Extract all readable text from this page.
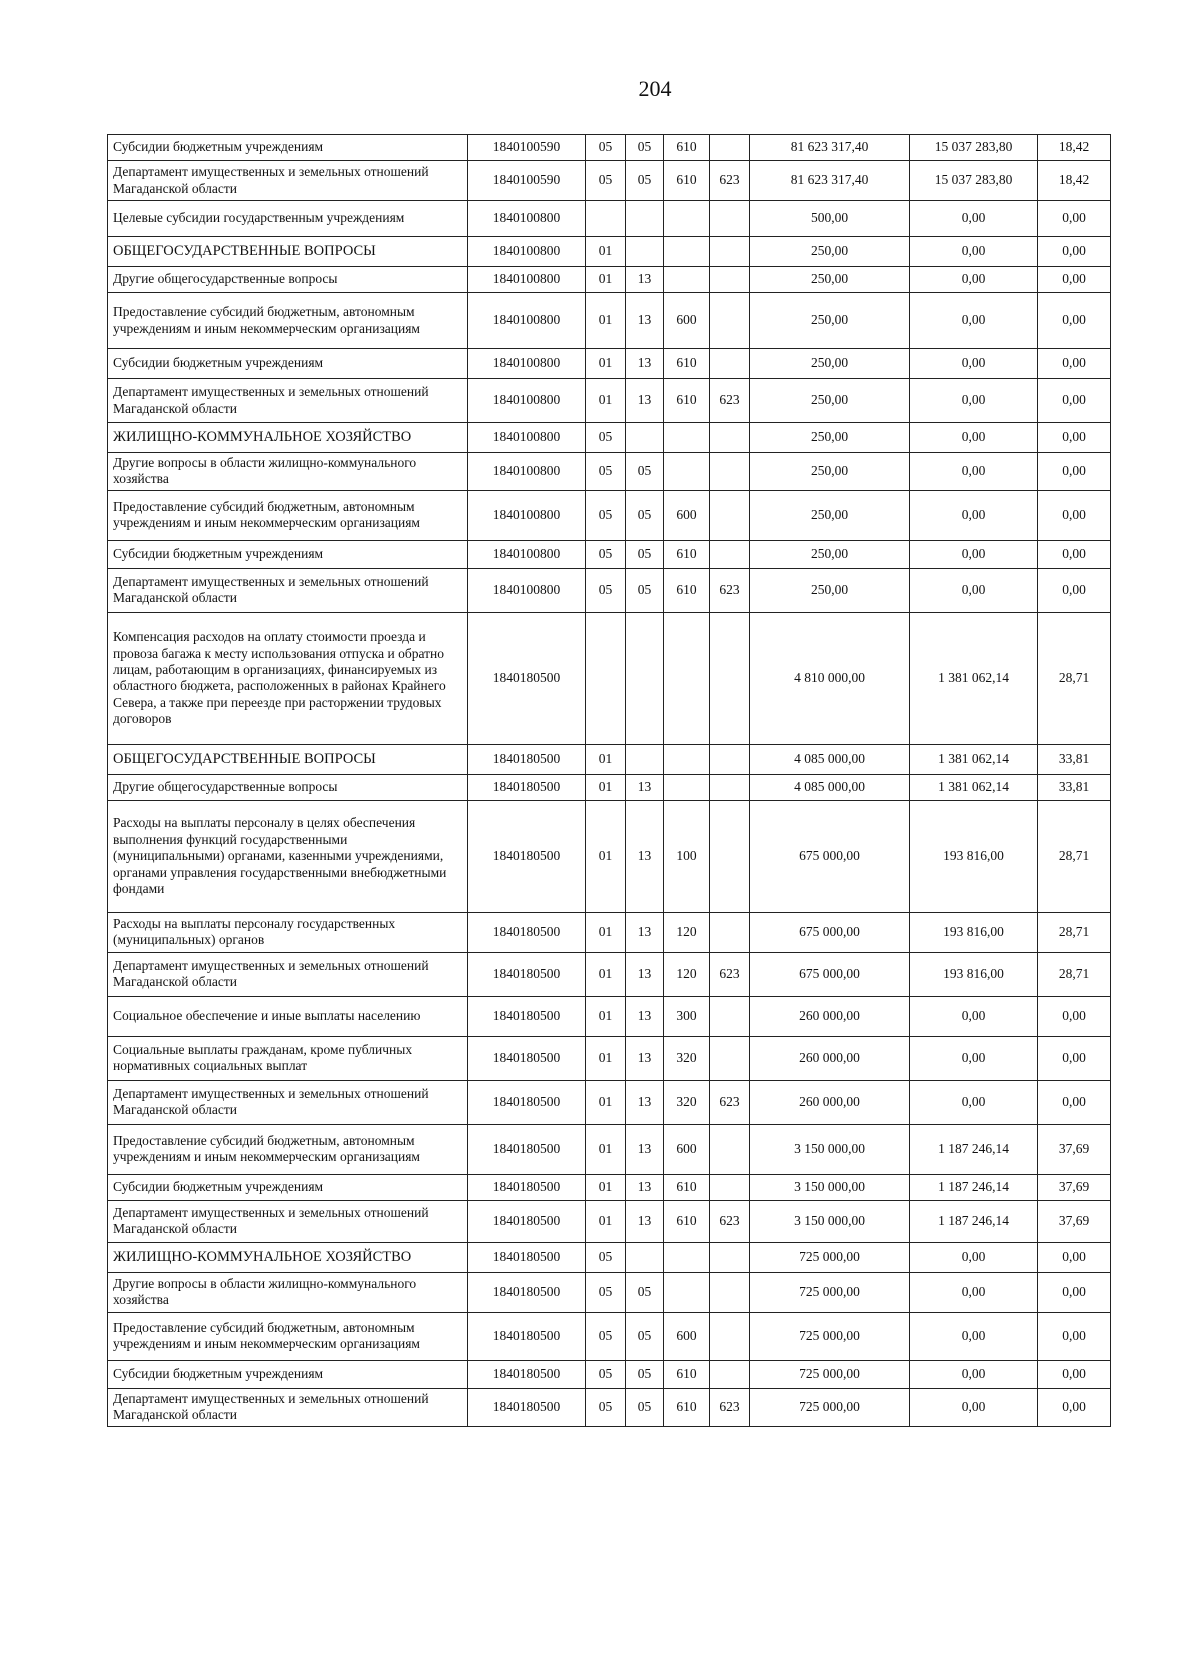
204
Субсидии бюджетным учреждениям	1840100590	05	05	610		81 623 317,40	15 037 283,80	18,42
Департамент имущественных и земельных отношений Магаданской области	1840100590	05	05	610	623	81 623 317,40	15 037 283,80	18,42
Целевые субсидии государственным учреждениям	1840100800					500,00	0,00	0,00
ОБЩЕГОСУДАРСТВЕННЫЕ ВОПРОСЫ	1840100800	01				250,00	0,00	0,00
Другие общегосударственные вопросы	1840100800	01	13			250,00	0,00	0,00
Предоставление субсидий бюджетным, автономным учреждениям и иным некоммерческим организациям	1840100800	01	13	600		250,00	0,00	0,00
Субсидии бюджетным учреждениям	1840100800	01	13	610		250,00	0,00	0,00
Департамент имущественных и земельных отношений Магаданской области	1840100800	01	13	610	623	250,00	0,00	0,00
ЖИЛИЩНО-КОММУНАЛЬНОЕ ХОЗЯЙСТВО	1840100800	05				250,00	0,00	0,00
Другие вопросы в области жилищно-коммунального хозяйства	1840100800	05	05			250,00	0,00	0,00
Предоставление субсидий бюджетным, автономным учреждениям и иным некоммерческим организациям	1840100800	05	05	600		250,00	0,00	0,00
Субсидии бюджетным учреждениям	1840100800	05	05	610		250,00	0,00	0,00
Департамент имущественных и земельных отношений Магаданской области	1840100800	05	05	610	623	250,00	0,00	0,00
Компенсация расходов на оплату стоимости проезда и провоза багажа к месту использования отпуска и обратно лицам, работающим в организациях, финансируемых из областного бюджета, расположенных в районах Крайнего Севера, а также при переезде при расторжении трудовых договоров	1840180500					4 810 000,00	1 381 062,14	28,71
ОБЩЕГОСУДАРСТВЕННЫЕ ВОПРОСЫ	1840180500	01				4 085 000,00	1 381 062,14	33,81
Другие общегосударственные вопросы	1840180500	01	13			4 085 000,00	1 381 062,14	33,81
Расходы на выплаты персоналу в целях обеспечения выполнения функций государственными (муниципальными) органами, казенными учреждениями, органами управления государственными внебюджетными фондами	1840180500	01	13	100		675 000,00	193 816,00	28,71
Расходы на выплаты персоналу государственных (муниципальных) органов	1840180500	01	13	120		675 000,00	193 816,00	28,71
Департамент имущественных и земельных отношений Магаданской области	1840180500	01	13	120	623	675 000,00	193 816,00	28,71
Социальное обеспечение и иные выплаты населению	1840180500	01	13	300		260 000,00	0,00	0,00
Социальные выплаты гражданам, кроме публичных нормативных социальных выплат	1840180500	01	13	320		260 000,00	0,00	0,00
Департамент имущественных и земельных отношений Магаданской области	1840180500	01	13	320	623	260 000,00	0,00	0,00
Предоставление субсидий бюджетным, автономным учреждениям и иным некоммерческим организациям	1840180500	01	13	600		3 150 000,00	1 187 246,14	37,69
Субсидии бюджетным учреждениям	1840180500	01	13	610		3 150 000,00	1 187 246,14	37,69
Департамент имущественных и земельных отношений Магаданской области	1840180500	01	13	610	623	3 150 000,00	1 187 246,14	37,69
ЖИЛИЩНО-КОММУНАЛЬНОЕ ХОЗЯЙСТВО	1840180500	05				725 000,00	0,00	0,00
Другие вопросы в области жилищно-коммунального хозяйства	1840180500	05	05			725 000,00	0,00	0,00
Предоставление субсидий бюджетным, автономным учреждениям и иным некоммерческим организациям	1840180500	05	05	600		725 000,00	0,00	0,00
Субсидии бюджетным учреждениям	1840180500	05	05	610		725 000,00	0,00	0,00
Департамент имущественных и земельных отношений Магаданской области	1840180500	05	05	610	623	725 000,00	0,00	0,00
